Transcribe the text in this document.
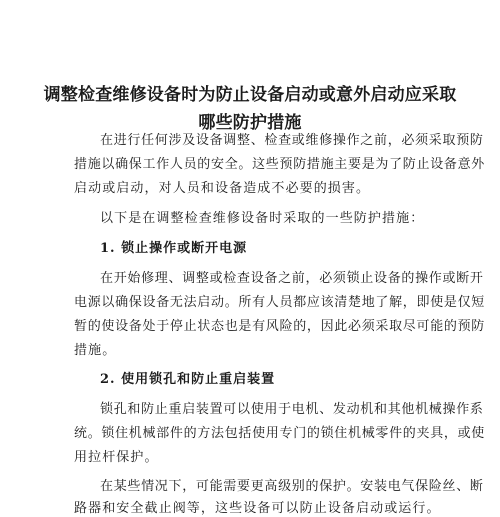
调整检查维修设备时为防止设备启动或意外启动应采取
哪些防护措施
在进行任何涉及设备调整、检查或维修操作之前，必须采取预防
措施以确保工作人员的安全。这些预防措施主要是为了防止设备意外
启动或启动，对人员和设备造成不必要的损害。
以下是在调整检查维修设备时采取的一些防护措施：
1. 锁止操作或断开电源
在开始修理、调整或检查设备之前，必须锁止设备的操作或断开
电源以确保设备无法启动。所有人员都应该清楚地了解，即使是仅短
暂的使设备处于停止状态也是有风险的，因此必须采取尽可能的预防
措施。
2. 使用锁孔和防止重启装置
锁孔和防止重启装置可以使用于电机、发动机和其他机械操作系
统。锁住机械部件的方法包括使用专门的锁住机械零件的夹具，或使
用拉杆保护。
在某些情况下，可能需要更高级别的保护。安装电气保险丝、断
路器和安全截止阀等，这些设备可以防止设备启动或运行。
